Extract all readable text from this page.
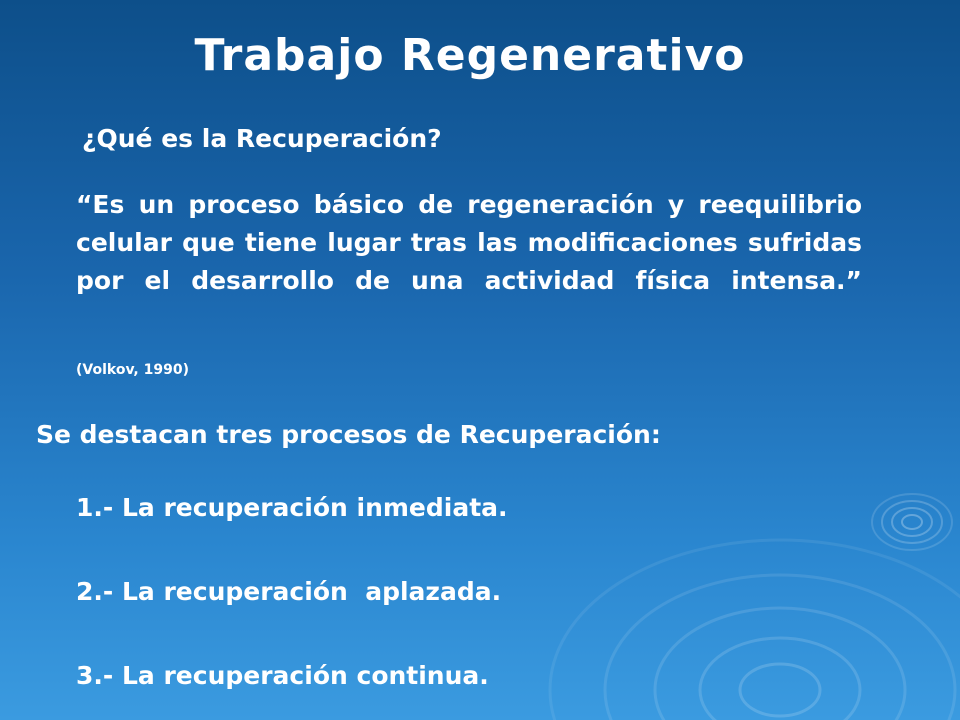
Trabajo Regenerativo
¿Qué es la Recuperación?
“Es un proceso básico de regeneración y reequilibrio celular que tiene lugar tras las modificaciones sufridas por el desarrollo de una actividad física intensa.”
(Volkov, 1990)
Se destacan tres procesos de Recuperación:
1.- La recuperación inmediata.
2.- La recuperación  aplazada.
3.- La recuperación continua.
